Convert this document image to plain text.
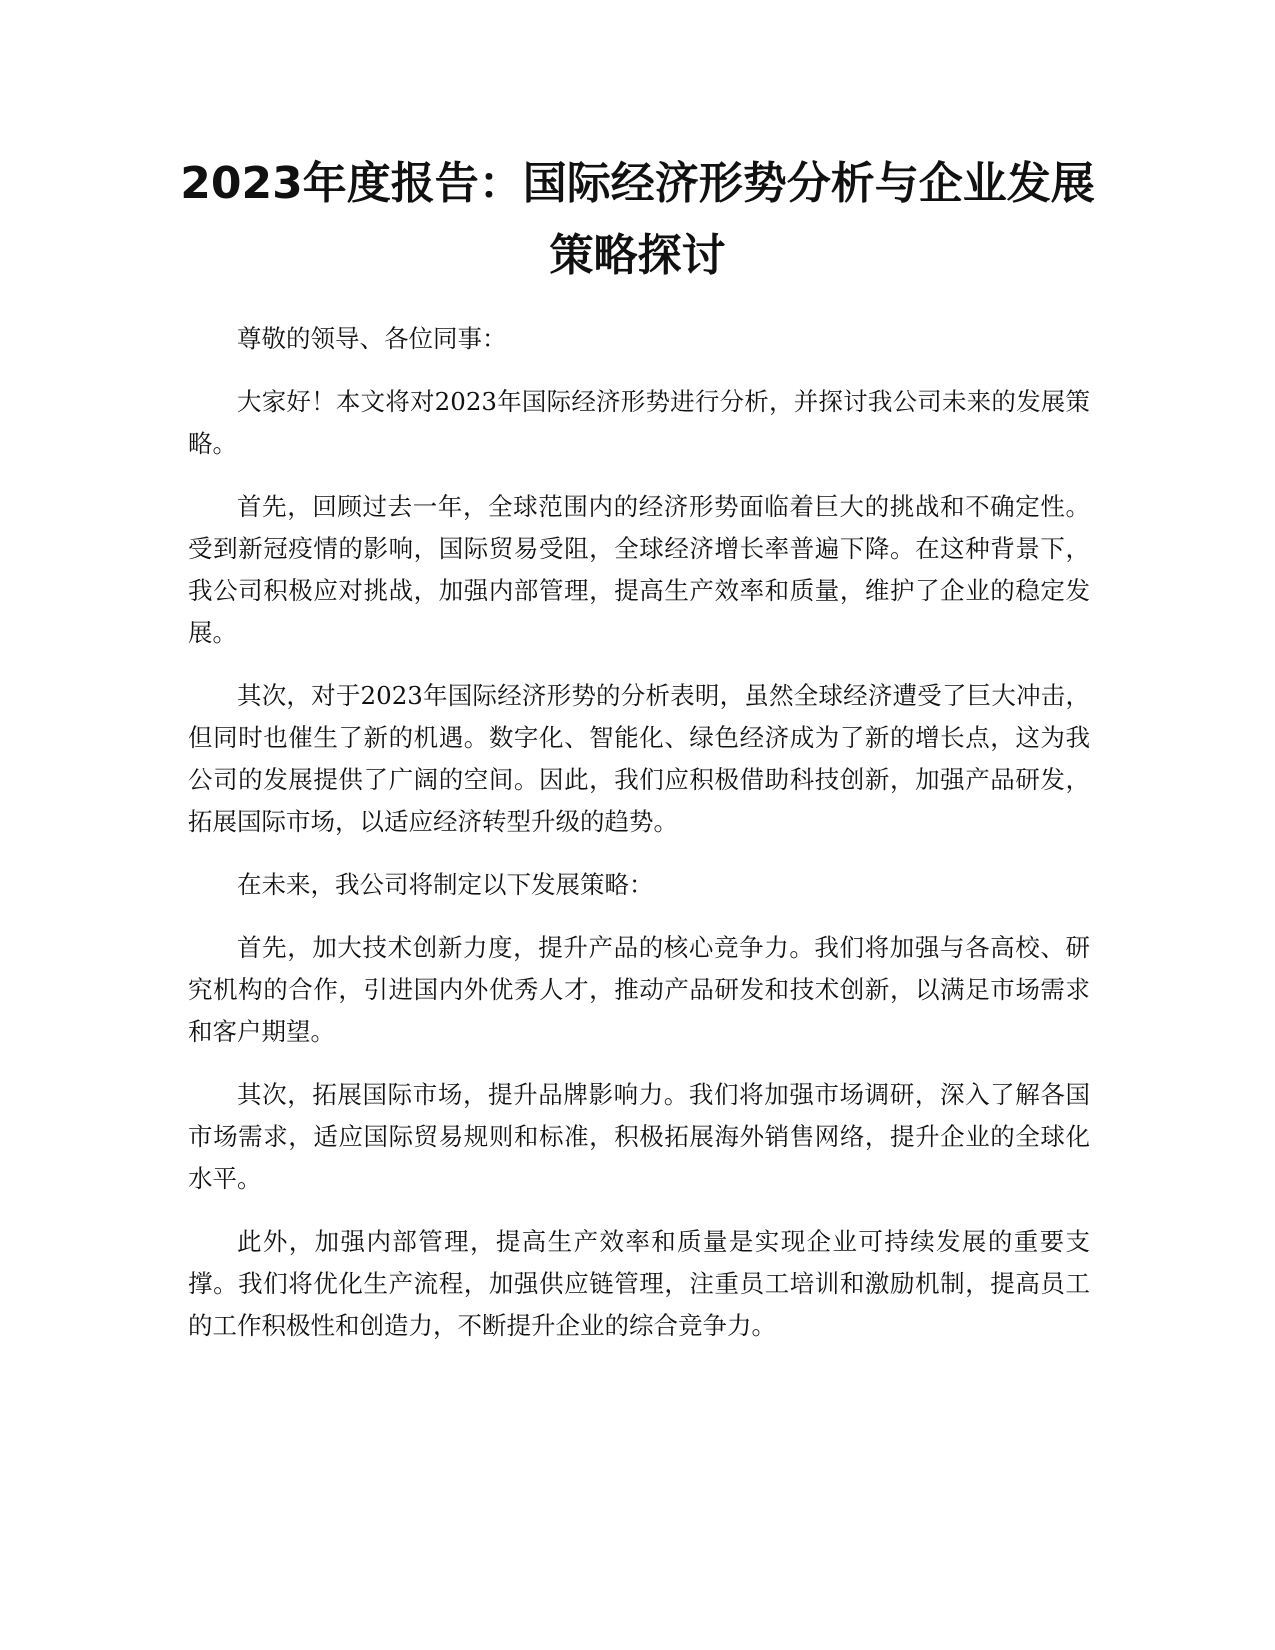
2023年度报告：国际经济形势分析与企业发展策略探讨

尊敬的领导、各位同事：

大家好！本文将对2023年国际经济形势进行分析，并探讨我公司未来的发展策略。

首先，回顾过去一年，全球范围内的经济形势面临着巨大的挑战和不确定性。受到新冠疫情的影响，国际贸易受阻，全球经济增长率普遍下降。在这种背景下，我公司积极应对挑战，加强内部管理，提高生产效率和质量，维护了企业的稳定发展。

其次，对于2023年国际经济形势的分析表明，虽然全球经济遭受了巨大冲击，但同时也催生了新的机遇。数字化、智能化、绿色经济成为了新的增长点，这为我公司的发展提供了广阔的空间。因此，我们应积极借助科技创新，加强产品研发，拓展国际市场，以适应经济转型升级的趋势。

在未来，我公司将制定以下发展策略：

首先，加大技术创新力度，提升产品的核心竞争力。我们将加强与各高校、研究机构的合作，引进国内外优秀人才，推动产品研发和技术创新，以满足市场需求和客户期望。

其次，拓展国际市场，提升品牌影响力。我们将加强市场调研，深入了解各国市场需求，适应国际贸易规则和标准，积极拓展海外销售网络，提升企业的全球化水平。

此外，加强内部管理，提高生产效率和质量是实现企业可持续发展的重要支撑。我们将优化生产流程，加强供应链管理，注重员工培训和激励机制，提高员工的工作积极性和创造力，不断提升企业的综合竞争力。
